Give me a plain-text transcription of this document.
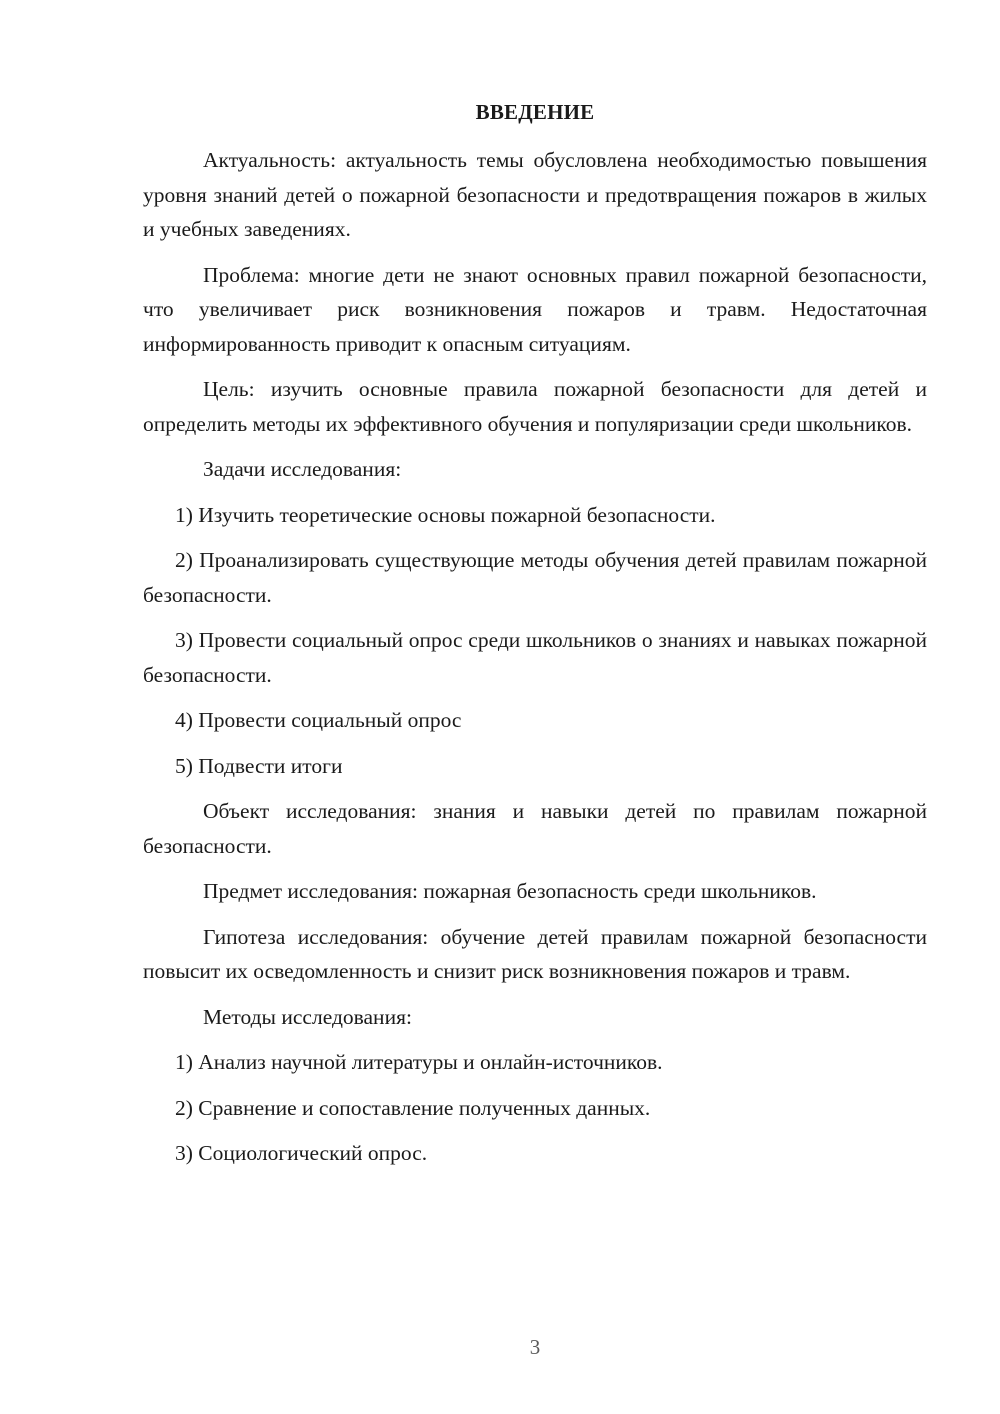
ВВЕДЕНИЕ

Актуальность: актуальность темы обусловлена необходимостью повышения уровня знаний детей о пожарной безопасности и предотвращения пожаров в жилых и учебных заведениях.

Проблема: многие дети не знают основных правил пожарной безопасности, что увеличивает риск возникновения пожаров и травм. Недостаточная информированность приводит к опасным ситуациям.

Цель: изучить основные правила пожарной безопасности для детей и определить методы их эффективного обучения и популяризации среди школьников.

Задачи исследования:

1) Изучить теоретические основы пожарной безопасности.

2) Проанализировать существующие методы обучения детей правилам пожарной безопасности.

3) Провести социальный опрос среди школьников о знаниях и навыках пожарной безопасности.

4) Провести социальный опрос

5) Подвести итоги

Объект исследования: знания и навыки детей по правилам пожарной безопасности.

Предмет исследования: пожарная безопасность среди школьников.

Гипотеза исследования: обучение детей правилам пожарной безопасности повысит их осведомленность и снизит риск возникновения пожаров и травм.

Методы исследования:

1) Анализ научной литературы и онлайн-источников.

2) Сравнение и сопоставление полученных данных.

3) Социологический опрос.

3
